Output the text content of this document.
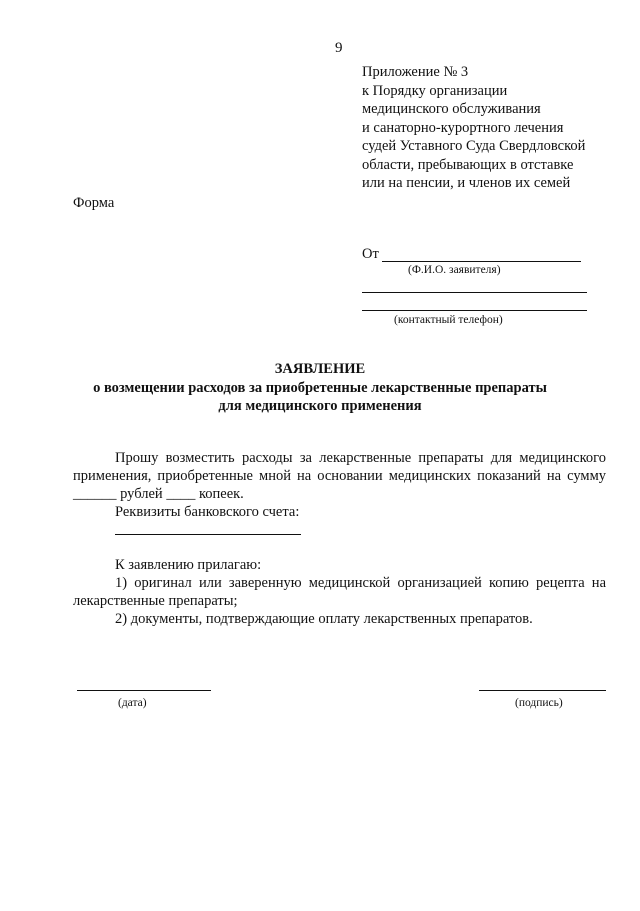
9
Приложение № 3
к Порядку организации
медицинского обслуживания
и санаторно-курортного лечения
судей Уставного Суда Свердловской
области, пребывающих в отставке
или на пенсии, и членов их семей
Форма
От
(Ф.И.О. заявителя)
(контактный телефон)
ЗАЯВЛЕНИЕ
о возмещении расходов за приобретенные лекарственные препараты
для медицинского применения
Прошу возместить расходы за лекарственные препараты для медицинского
применения, приобретенные мной на основании медицинских показаний на сумму
______ рублей ____ копеек.
Реквизиты банковского счета:
К заявлению прилагаю:
1) оригинал или заверенную медицинской организацией копию рецепта на
лекарственные препараты;
2) документы, подтверждающие оплату лекарственных препаратов.
(дата)	(подпись)
